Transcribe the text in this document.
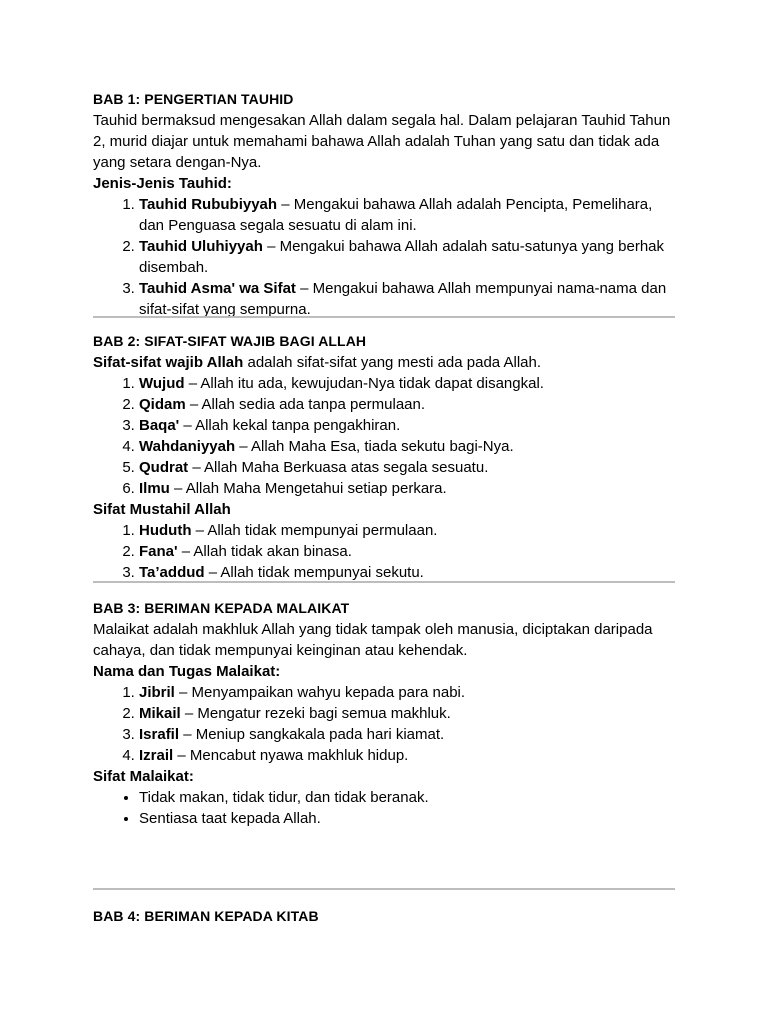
BAB 1: PENGERTIAN TAUHID

Tauhid bermaksud mengesakan Allah dalam segala hal. Dalam pelajaran Tauhid Tahun 2, murid diajar untuk memahami bahawa Allah adalah Tuhan yang satu dan tidak ada yang setara dengan-Nya.

Jenis-Jenis Tauhid:
1. Tauhid Rububiyyah – Mengakui bahawa Allah adalah Pencipta, Pemelihara, dan Penguasa segala sesuatu di alam ini.
2. Tauhid Uluhiyyah – Mengakui bahawa Allah adalah satu-satunya yang berhak disembah.
3. Tauhid Asma' wa Sifat – Mengakui bahawa Allah mempunyai nama-nama dan sifat-sifat yang sempurna.
BAB 2: SIFAT-SIFAT WAJIB BAGI ALLAH

Sifat-sifat wajib Allah adalah sifat-sifat yang mesti ada pada Allah.

1. Wujud – Allah itu ada, kewujudan-Nya tidak dapat disangkal.
2. Qidam – Allah sedia ada tanpa permulaan.
3. Baqa' – Allah kekal tanpa pengakhiran.
4. Wahdaniyyah – Allah Maha Esa, tiada sekutu bagi-Nya.
5. Qudrat – Allah Maha Berkuasa atas segala sesuatu.
6. Ilmu – Allah Maha Mengetahui setiap perkara.
Sifat Mustahil Allah
1. Huduth – Allah tidak mempunyai permulaan.
2. Fana' – Allah tidak akan binasa.
3. Ta’addud – Allah tidak mempunyai sekutu.
BAB 3: BERIMAN KEPADA MALAIKAT

Malaikat adalah makhluk Allah yang tidak tampak oleh manusia, diciptakan daripada cahaya, dan tidak mempunyai keinginan atau kehendak.

Nama dan Tugas Malaikat:
1. Jibril – Menyampaikan wahyu kepada para nabi.
2. Mikail – Mengatur rezeki bagi semua makhluk.
3. Israfil – Meniup sangkakala pada hari kiamat.
4. Izrail – Mencabut nyawa makhluk hidup.
Sifat Malaikat:
• Tidak makan, tidak tidur, dan tidak beranak.
• Sentiasa taat kepada Allah.
BAB 4: BERIMAN KEPADA KITAB
